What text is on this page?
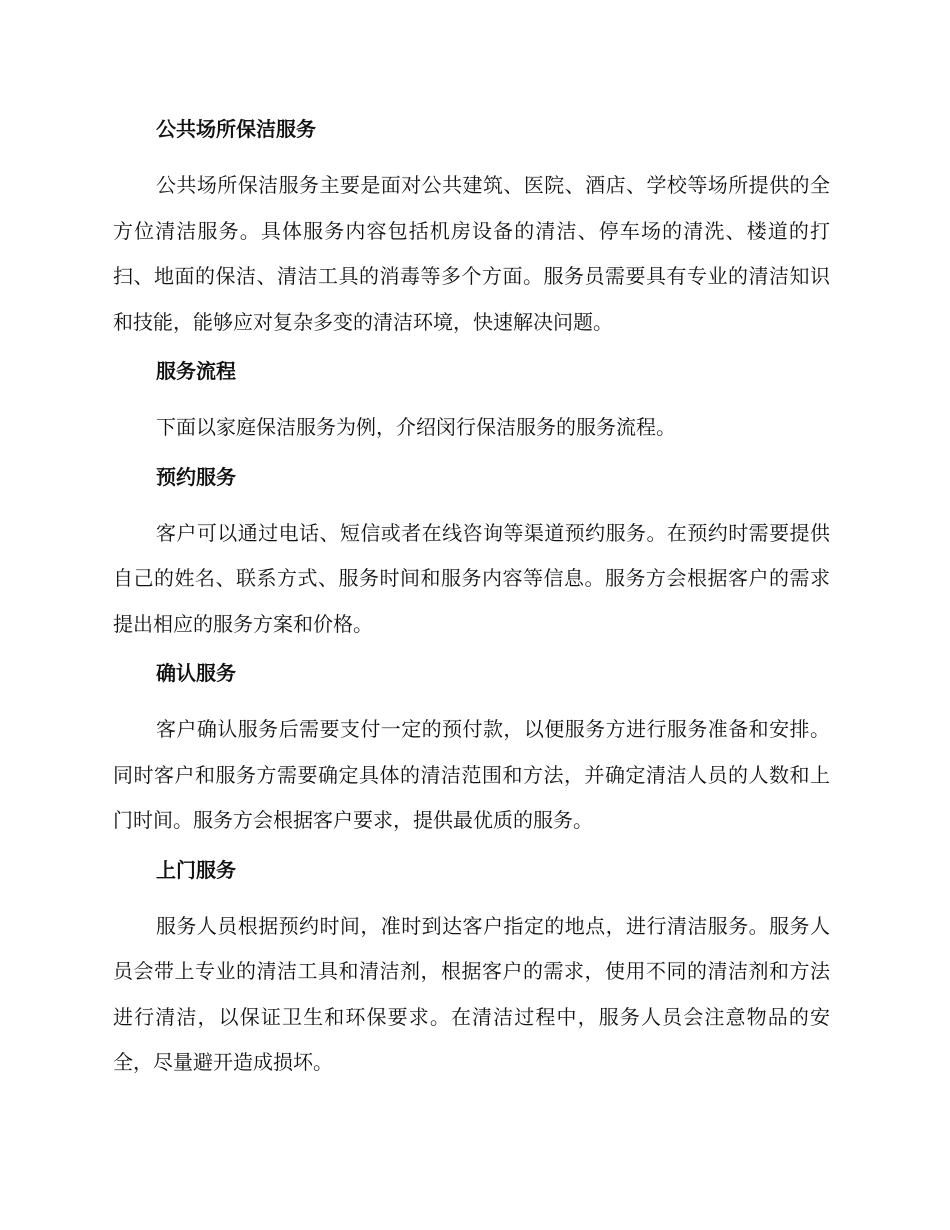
公共场所保洁服务

公共场所保洁服务主要是面对公共建筑、医院、酒店、学校等场所提供的全方位清洁服务。具体服务内容包括机房设备的清洁、停车场的清洗、楼道的打扫、地面的保洁、清洁工具的消毒等多个方面。服务员需要具有专业的清洁知识和技能，能够应对复杂多变的清洁环境，快速解决问题。

服务流程

下面以家庭保洁服务为例，介绍闵行保洁服务的服务流程。

预约服务

客户可以通过电话、短信或者在线咨询等渠道预约服务。在预约时需要提供自己的姓名、联系方式、服务时间和服务内容等信息。服务方会根据客户的需求提出相应的服务方案和价格。

确认服务

客户确认服务后需要支付一定的预付款，以便服务方进行服务准备和安排。同时客户和服务方需要确定具体的清洁范围和方法，并确定清洁人员的人数和上门时间。服务方会根据客户要求，提供最优质的服务。

上门服务

服务人员根据预约时间，准时到达客户指定的地点，进行清洁服务。服务人员会带上专业的清洁工具和清洁剂，根据客户的需求，使用不同的清洁剂和方法进行清洁，以保证卫生和环保要求。在清洁过程中，服务人员会注意物品的安全，尽量避开造成损坏。
